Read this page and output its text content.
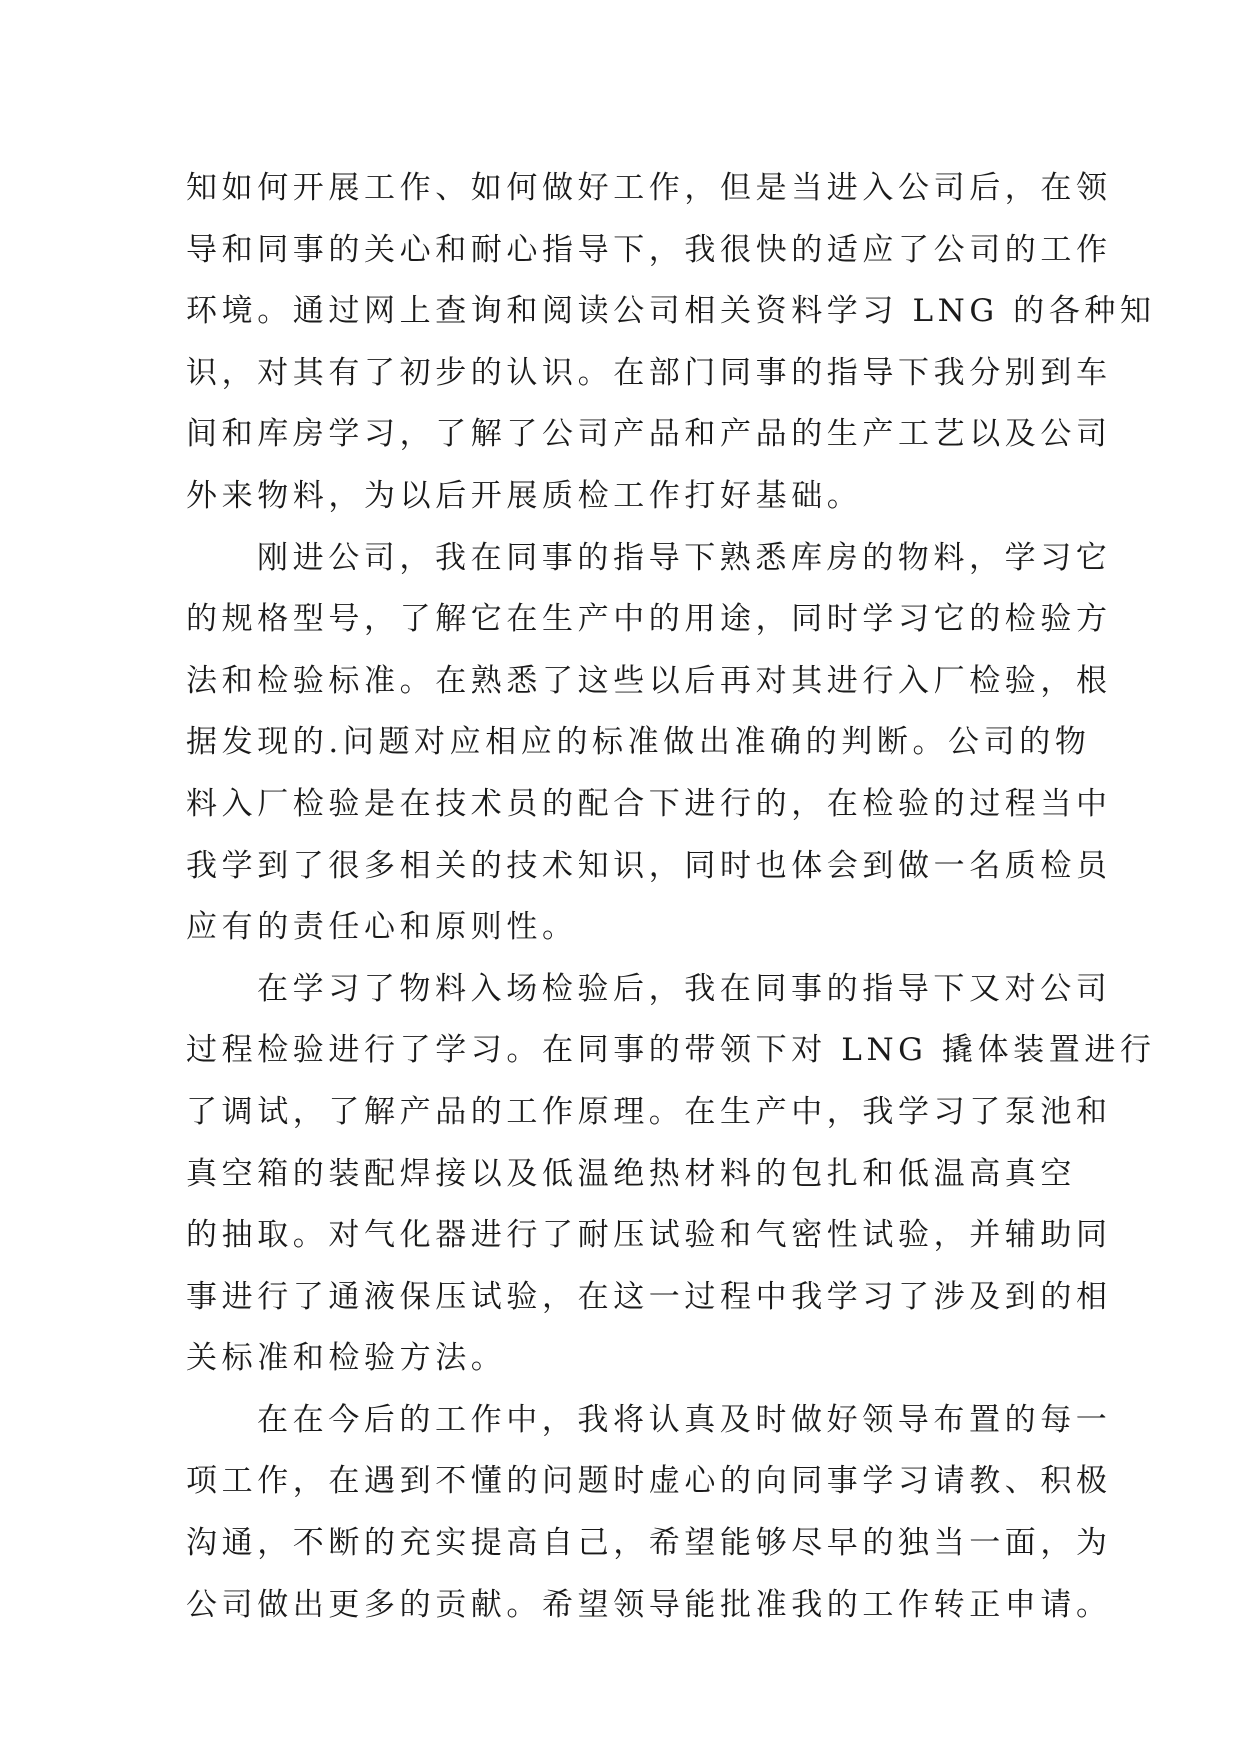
知如何开展工作、如何做好工作，但是当进入公司后，在领
导和同事的关心和耐心指导下，我很快的适应了公司的工作
环境。通过网上查询和阅读公司相关资料学习 LNG 的各种知
识，对其有了初步的认识。在部门同事的指导下我分别到车
间和库房学习，了解了公司产品和产品的生产工艺以及公司
外来物料，为以后开展质检工作打好基础。
刚进公司，我在同事的指导下熟悉库房的物料，学习它
的规格型号，了解它在生产中的用途，同时学习它的检验方
法和检验标准。在熟悉了这些以后再对其进行入厂检验，根
据发现的.问题对应相应的标准做出准确的判断。公司的物
料入厂检验是在技术员的配合下进行的，在检验的过程当中
我学到了很多相关的技术知识，同时也体会到做一名质检员
应有的责任心和原则性。
在学习了物料入场检验后，我在同事的指导下又对公司
过程检验进行了学习。在同事的带领下对 LNG 撬体装置进行
了调试，了解产品的工作原理。在生产中，我学习了泵池和
真空箱的装配焊接以及低温绝热材料的包扎和低温高真空
的抽取。对气化器进行了耐压试验和气密性试验，并辅助同
事进行了通液保压试验，在这一过程中我学习了涉及到的相
关标准和检验方法。
在在今后的工作中，我将认真及时做好领导布置的每一
项工作，在遇到不懂的问题时虚心的向同事学习请教、积极
沟通，不断的充实提高自己，希望能够尽早的独当一面，为
公司做出更多的贡献。希望领导能批准我的工作转正申请。
